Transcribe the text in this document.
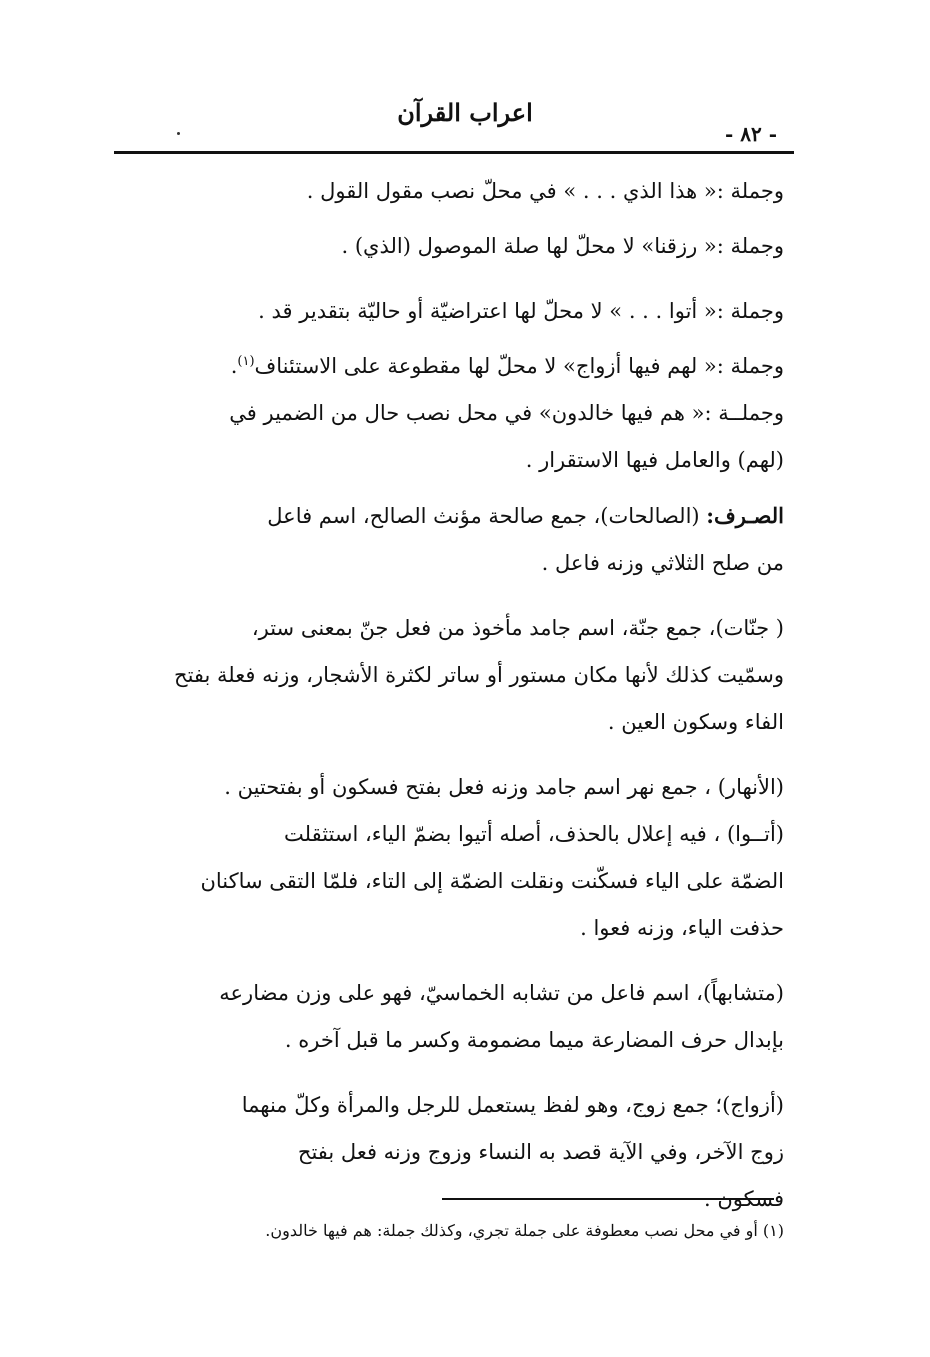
اعراب القرآن
- ٨٢ -

وجملة :« هذا الذي . . . » في محلّ نصب مقول القول .

وجملة :« رزقنا» لا محلّ لها صلة الموصول (الذي) .

وجملة :« أتوا . . . » لا محلّ لها اعتراضيّة أو حاليّة بتقدير قد .

وجملة :« لهم فيها أزواج» لا محلّ لها مقطوعة على الاستئناف$^{(١)}$.

وجملــة :« هم فيها خالدون» في محل نصب حال من الضمير في

(لهم) والعامل فيها الاستقرار .

الصـرف: (الصالحات)، جمع صالحة مؤنث الصالح، اسم فاعل

من صلح الثلاثي وزنه فاعل .

( جنّات)، جمع جنّة، اسم جامد مأخوذ من فعل جنّ بمعنى ستر،

وسمّيت كذلك لأنها مكان مستور أو ساتر لكثرة الأشجار، وزنه فعلة بفتح

الفاء وسكون العين .

(الأنهار) ، جمع نهر اسم جامد وزنه فعل بفتح فسكون أو بفتحتين .

(أتــوا) ، فيه إعلال بالحذف، أصله أتيوا بضمّ الياء، استثقلت

الضمّة على الياء فسكّنت ونقلت الضمّة إلى التاء، فلمّا التقى ساكنان

حذفت الياء، وزنه فعوا .

(متشابهاً)، اسم فاعل من تشابه الخماسيّ، فهو على وزن مضارعه

بإبدال حرف المضارعة ميما مضمومة وكسر ما قبل آخره .

(أزواج)؛ جمع زوج، وهو لفظ يستعمل للرجل والمرأة وكلّ منهما

زوج الآخر، وفي الآية قصد به النساء وزوج وزنه فعل بفتح

فسكون .

(١) أو في محل نصب معطوفة على جملة تجري، وكذلك جملة: هم فيها خالدون.
